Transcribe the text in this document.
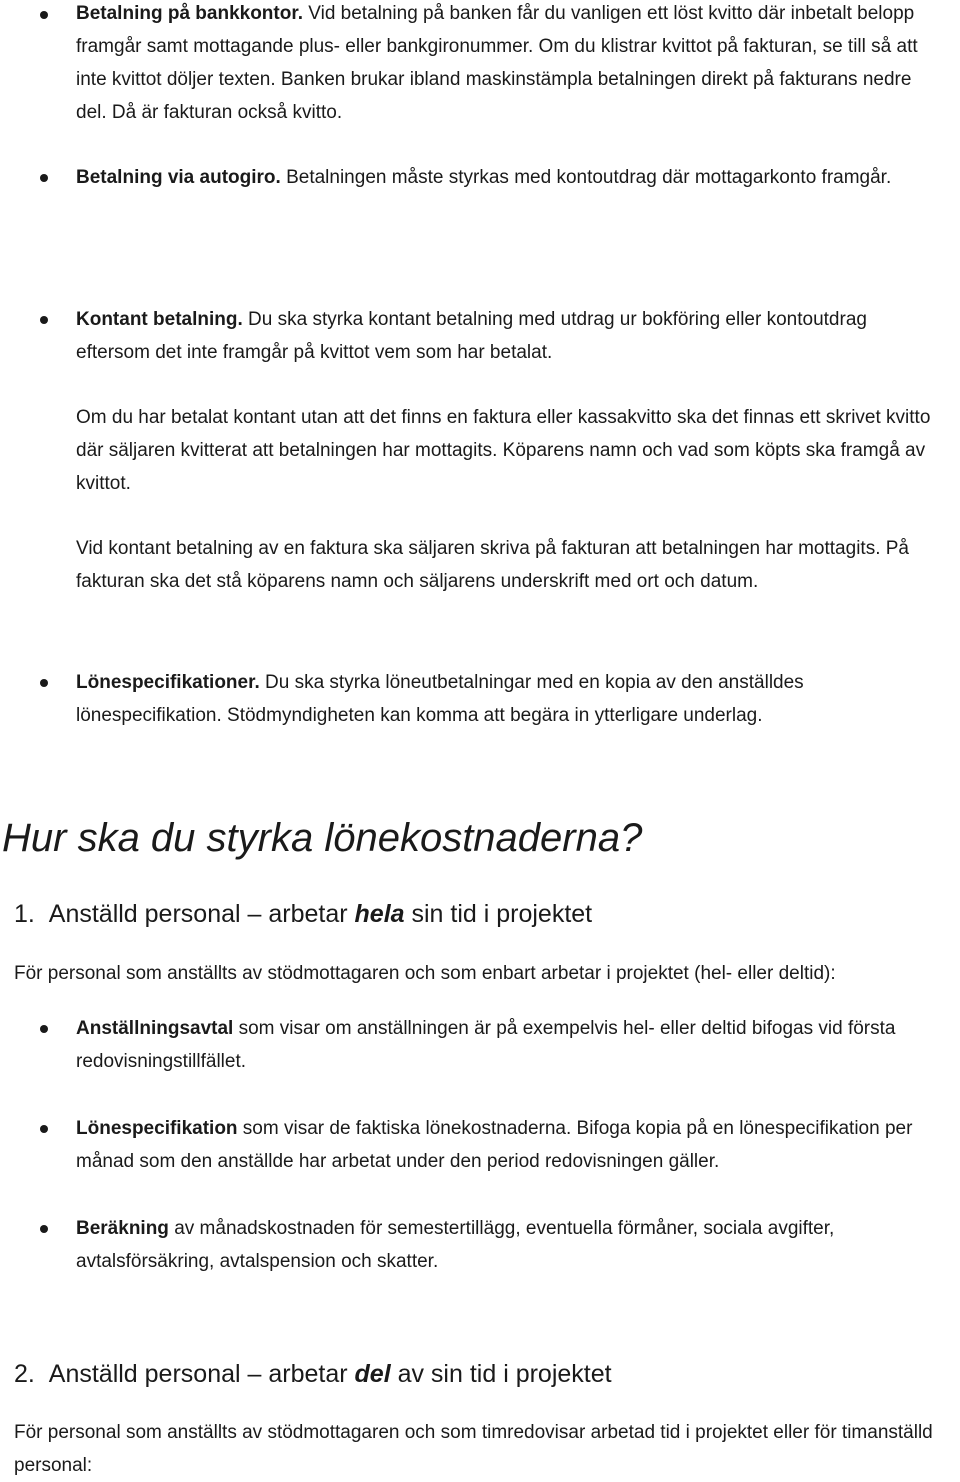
Betalning på bankkontor. Vid betalning på banken får du vanligen ett löst kvitto där inbetalt belopp framgår samt mottagande plus- eller bankgironummer. Om du klistrar kvittot på fakturan, se till så att inte kvittot döljer texten. Banken brukar ibland maskinstämpla betalningen direkt på fakturans nedre del. Då är fakturan också kvitto.
Betalning via autogiro. Betalningen måste styrkas med kontoutdrag där mottagarkonto framgår.
Kontant betalning. Du ska styrka kontant betalning med utdrag ur bokföring eller kontoutdrag eftersom det inte framgår på kvittot vem som har betalat.
Om du har betalat kontant utan att det finns en faktura eller kassakvitto ska det finnas ett skrivet kvitto där säljaren kvitterat att betalningen har mottagits. Köparens namn och vad som köpts ska framgå av kvittot.
Vid kontant betalning av en faktura ska säljaren skriva på fakturan att betalningen har mottagits. På fakturan ska det stå köparens namn och säljarens underskrift med ort och datum.
Lönespecifikationer. Du ska styrka löneutbetalningar med en kopia av den anställdes lönespecifikation. Stödmyndigheten kan komma att begära in ytterligare underlag.
Hur ska du styrka lönekostnaderna?
1. Anställd personal – arbetar hela sin tid i projektet
För personal som anställts av stödmottagaren och som enbart arbetar i projektet (hel- eller deltid):
Anställningsavtal som visar om anställningen är på exempelvis hel- eller deltid bifogas vid första redovisningstillfället.
Lönespecifikation som visar de faktiska lönekostnaderna. Bifoga kopia på en lönespecifikation per månad som den anställde har arbetat under den period redovisningen gäller.
Beräkning av månadskostnaden för semestertillägg, eventuella förmåner, sociala avgifter, avtalsförsäkring, avtalspension och skatter.
2. Anställd personal – arbetar del av sin tid i projektet
För personal som anställts av stödmottagaren och som timredovisar arbetad tid i projektet eller för timanställd personal:
